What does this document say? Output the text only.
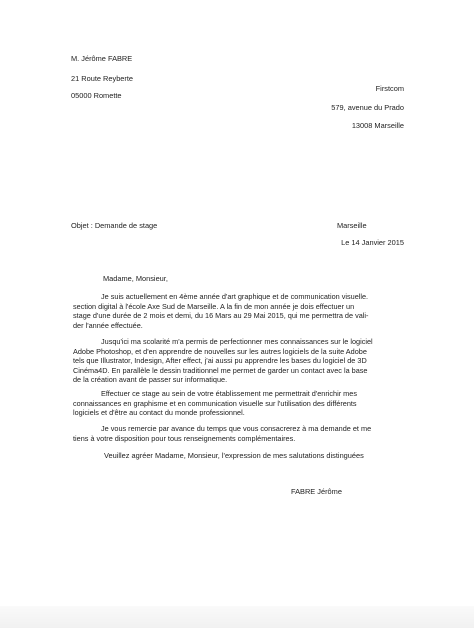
M. Jérôme FABRE
21 Route Reyberte
05000 Romette
Firstcom
579, avenue du Prado
13008 Marseille
Objet : Demande de stage	Marseille
Le 14 Janvier 2015
Madame, Monsieur,
Je suis actuellement en 4ème année d'art graphique et de communication visuelle.
section digital à l'école Axe Sud de Marseille. A la fin de mon année je dois effectuer un
stage d'une durée de 2 mois et demi, du 16 Mars au 29 Mai 2015, qui me permettra de vali-
der l'année effectuée.
Jusqu'ici ma scolarité m'a permis de perfectionner mes connaissances sur le logiciel
Adobe Photoshop, et d'en apprendre de nouvelles sur les autres logiciels de la suite Adobe
tels que Illustrator, Indesign, After effect, j'ai aussi pu apprendre les bases du logiciel de 3D
Cinéma4D. En parallèle le dessin traditionnel me permet de garder un contact avec la base
de la création avant de passer sur informatique.
Effectuer ce stage au sein de votre établissement me permettrait d'enrichir mes
connaissances en graphisme et en communication visuelle sur l'utilisation des différents
logiciels et d'être au contact du monde professionnel.
Je vous remercie par avance du temps que vous consacrerez à ma demande et me
tiens à votre disposition pour tous renseignements complémentaires.
Veuillez agréer Madame, Monsieur, l'expression de mes salutations distinguées
FABRE Jérôme
